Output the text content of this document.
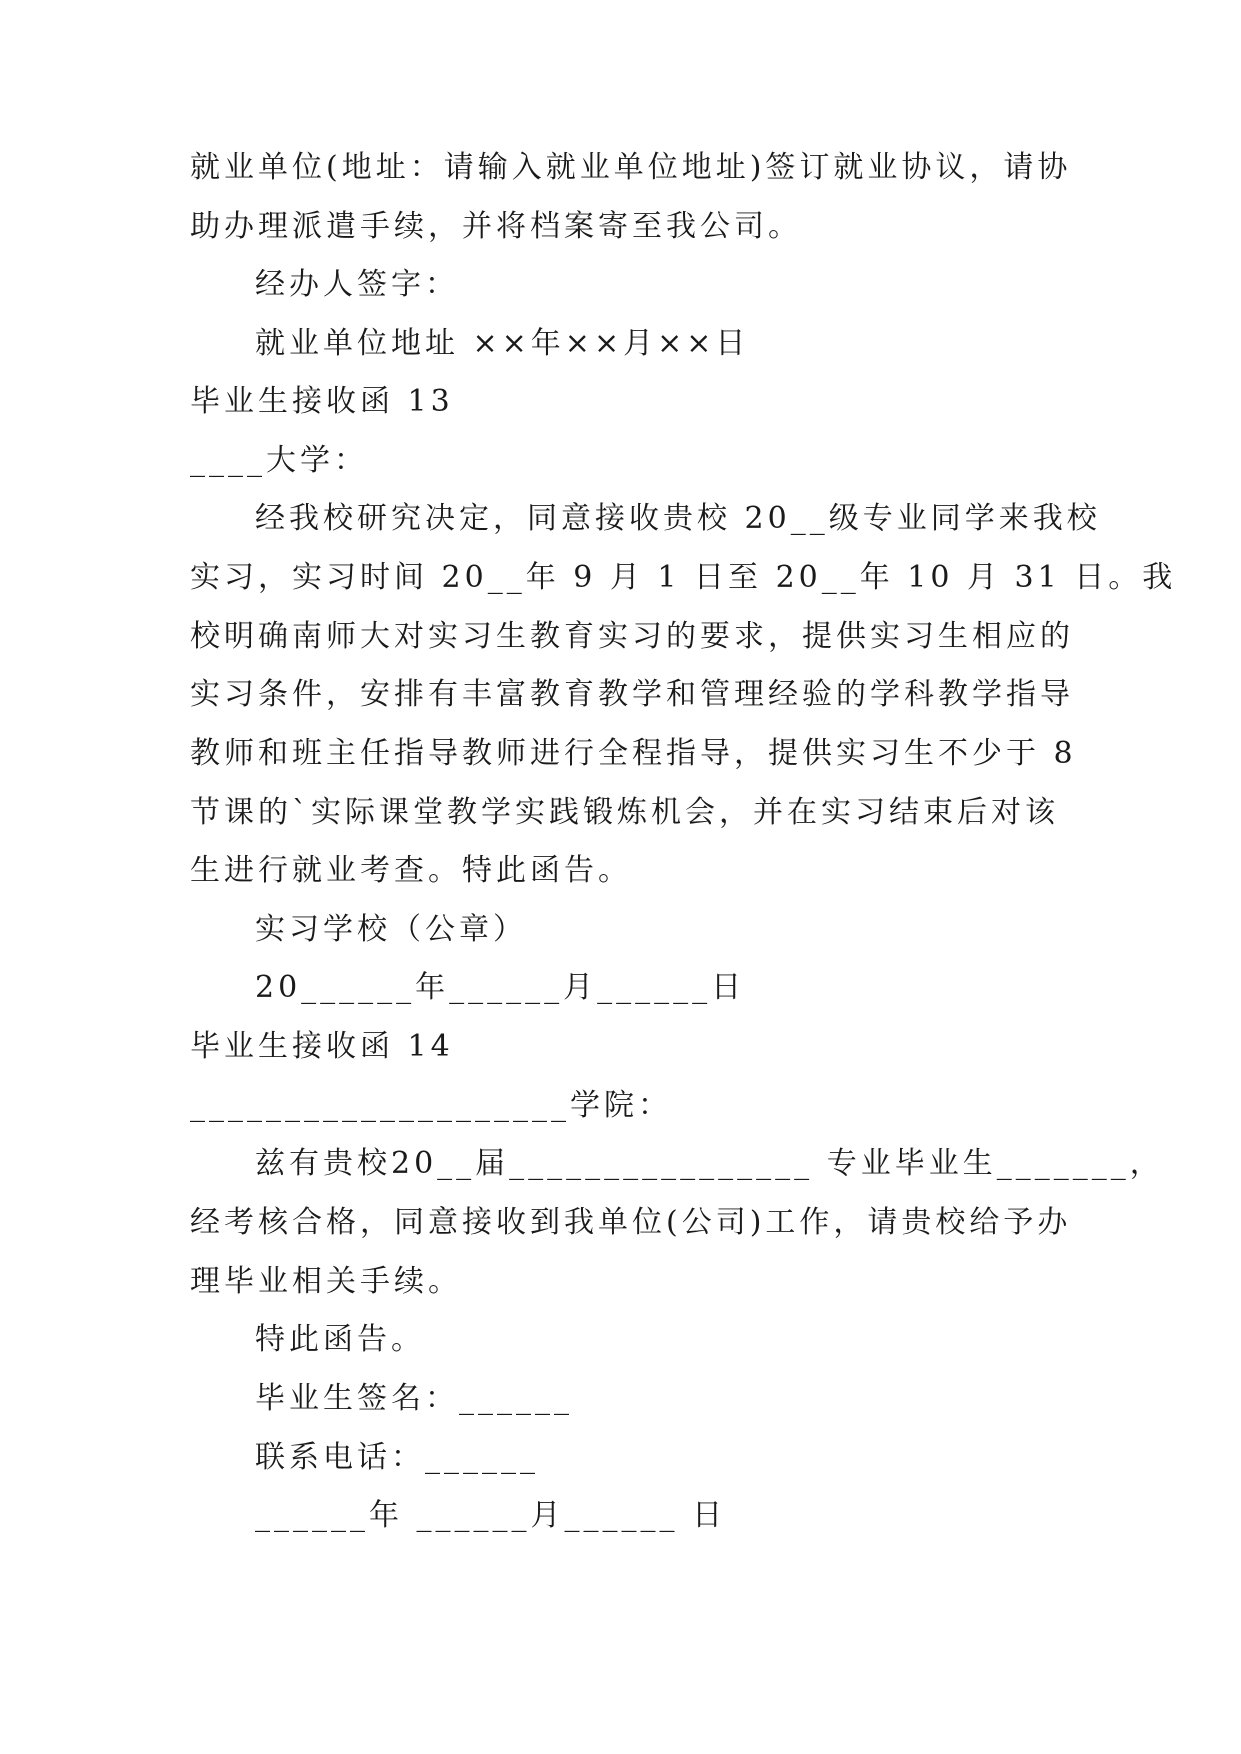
就业单位(地址：请输入就业单位地址)签订就业协议，请协
助办理派遣手续，并将档案寄至我公司。
经办人签字：
就业单位地址 ××年××月××日
毕业生接收函 13
____大学：
经我校研究决定，同意接收贵校 20__级专业同学来我校
实习，实习时间 20__年 9 月 1 日至 20__年 10 月 31 日。我
校明确南师大对实习生教育实习的要求，提供实习生相应的
实习条件，安排有丰富教育教学和管理经验的学科教学指导
教师和班主任指导教师进行全程指导，提供实习生不少于 8
节课的`实际课堂教学实践锻炼机会，并在实习结束后对该
生进行就业考查。特此函告。
实习学校（公章）
20______年______月______日
毕业生接收函 14
____________________学院：
兹有贵校20__届________________ 专业毕业生_______，
经考核合格，同意接收到我单位(公司)工作，请贵校给予办
理毕业相关手续。
特此函告。
毕业生签名：______
联系电话：______
______年 ______月______ 日
